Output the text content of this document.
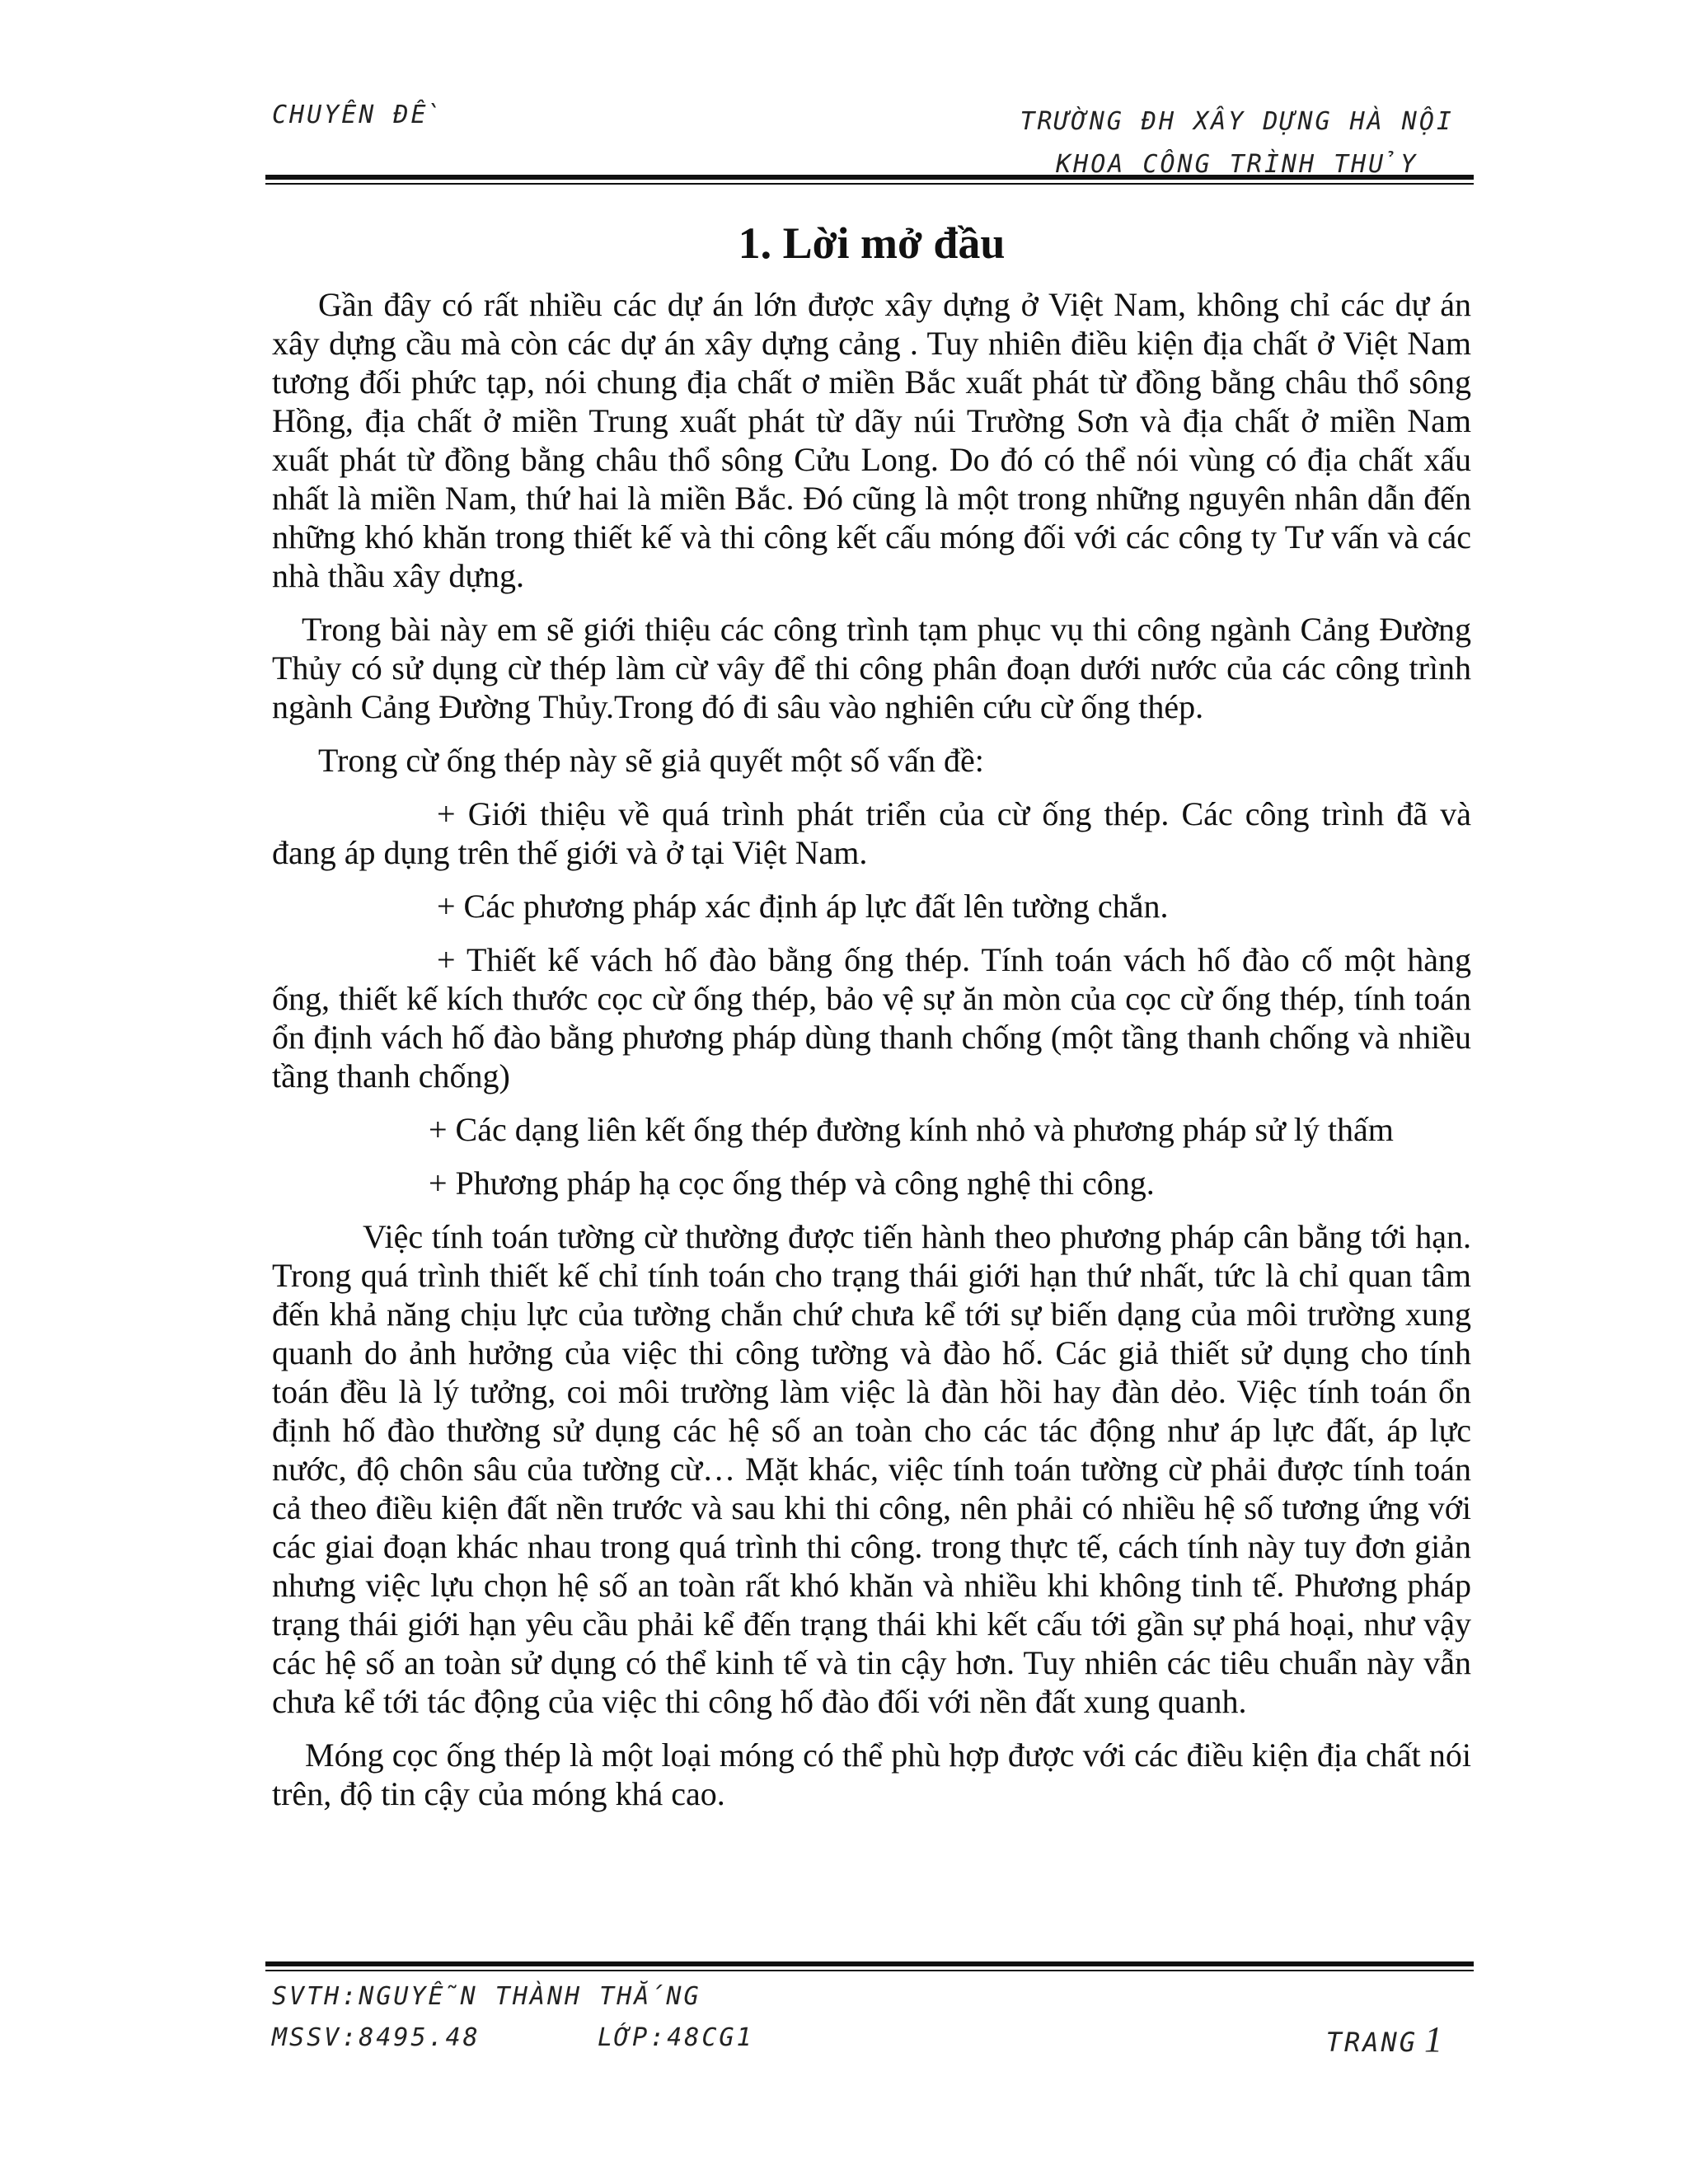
CHUYÊN ĐỀ	TRƯỜNG ĐH XÂY DỰNG HÀ NỘI
KHOA CÔNG TRÌNH THỦY
1. Lời mở đầu

Gần đây có rất nhiều các dự án lớn được xây dựng ở Việt Nam, không chỉ các dự án xây dựng cầu mà còn các dự án xây dựng cảng . Tuy nhiên điều kiện địa chất ở Việt Nam tương đối phức tạp, nói chung địa chất ơ miền Bắc xuất phát từ đồng bằng châu thổ sông Hồng, địa chất ở miền Trung xuất phát từ dãy núi Trường Sơn và địa chất ở miền Nam xuất phát từ đồng bằng châu thổ sông Cửu Long. Do đó có thể nói vùng có địa chất xấu nhất là miền Nam, thứ hai là miền Bắc. Đó cũng là một trong những nguyên nhân dẫn đến những khó khăn trong thiết kế và thi công kết cấu móng đối với các công ty Tư vấn và các nhà thầu xây dựng.

Trong bài này em sẽ giới thiệu các công trình tạm phục vụ thi công ngành Cảng Đường Thủy có sử dụng cừ thép làm cừ vây để thi công phân đoạn dưới nước của các công trình ngành Cảng Đường Thủy.Trong đó đi sâu vào nghiên cứu cừ ống thép.

Trong cừ ống thép này sẽ giả quyết một số vấn đề:

+ Giới thiệu về quá trình phát triển của cừ ống thép. Các công trình đã và đang áp dụng trên thế giới và ở tại Việt Nam.

+ Các phương pháp xác định áp lực đất lên tường chắn.

+ Thiết kế vách hố đào bằng ống thép. Tính toán vách hố đào cố một hàng ống, thiết kế kích thước cọc cừ ống thép, bảo vệ sự ăn mòn của cọc cừ ống thép, tính toán ổn định vách hố đào bằng phương pháp dùng thanh chống (một tầng thanh chống và nhiều tầng thanh chống)

+ Các dạng liên kết ống thép đường kính nhỏ và phương pháp sử lý thấm

+ Phương pháp hạ cọc ống thép và công nghệ thi công.

Việc tính toán tường cừ thường được tiến hành theo phương pháp cân bằng tới hạn. Trong quá trình thiết kế chỉ tính toán cho trạng thái giới hạn thứ nhất, tức là chỉ quan tâm đến khả năng chịu lực của tường chắn chứ chưa kể tới sự biến dạng của môi trường xung quanh do ảnh hưởng của việc thi công tường và đào hố. Các giả thiết sử dụng cho tính toán đều là lý tưởng, coi môi trường làm việc là đàn hồi hay đàn dẻo. Việc tính toán ổn định hố đào thường sử dụng các hệ số an toàn cho các tác động như áp lực đất, áp lực nước, độ chôn sâu của tường cừ… Mặt khác, việc tính toán tường cừ phải được tính toán cả theo điều kiện đất nền trước và sau khi thi công, nên phải có nhiều hệ số tương ứng với các giai đoạn khác nhau trong quá trình thi công. trong thực tế, cách tính này tuy đơn giản nhưng việc lựu chọn hệ số an toàn rất khó khăn và nhiều khi không tinh tế. Phương pháp trạng thái giới hạn yêu cầu phải kể đến trạng thái khi kết cấu tới gần sự phá hoại, như vậy các hệ số an toàn sử dụng có thể kinh tế và tin cậy hơn. Tuy nhiên các tiêu chuẩn này vẫn chưa kể tới tác động của việc thi công hố đào đối với nền đất xung quanh.

Móng cọc ống thép là một loại móng có thể phù hợp được với các điều kiện địa chất nói trên, độ tin cậy của móng khá cao.

SVTH:NGUYỄN THÀNH THẮNG
MSSV:8495.48	LỚP:48CG1	TRANG 1
